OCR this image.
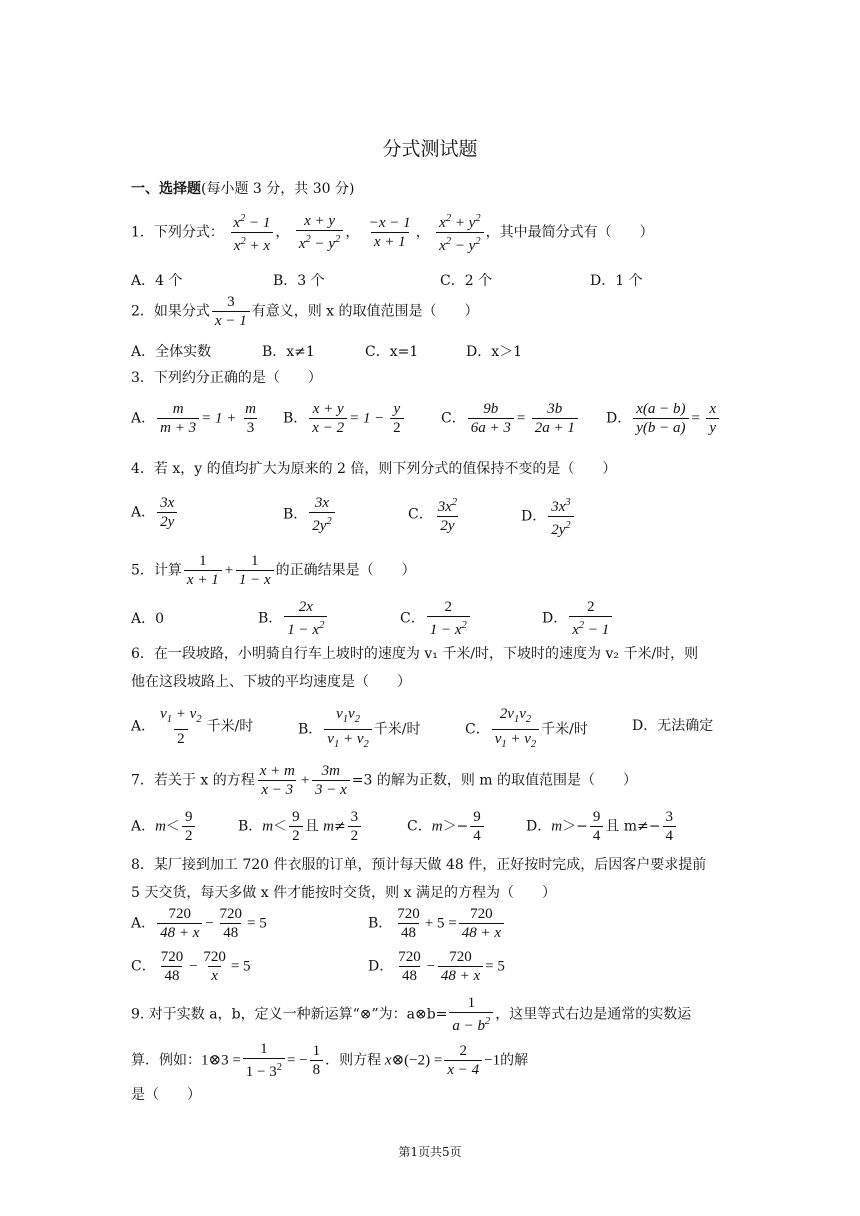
分式测试题
一、选择题(每小题 3 分，共 30 分)
1．下列分式： $\frac{x^2 - 1}{x^2 + x}$ ， $\frac{x + y}{x^2 - y^2}$ ， $\frac{-x - 1}{x + 1}$ ， $\frac{x^2 + y^2}{x^2 - y^2}$ ，其中最简分式有（　　）
A．4 个	B．3 个	C．2 个	D．1 个
2．如果分式 $\frac{3}{x - 1}$ 有意义，则 x 的取值范围是（　　）
A．全体实数	B．x≠1	C．x=1	D．x＞1
3．下列约分正确的是（　　）
A． $\frac{m}{m + 3} = 1 + \frac{m}{3}$ B． $\frac{x + y}{x - 2} = 1 - \frac{y}{2}$	C． $\frac{9b}{6a + 3} = \frac{3b}{2a + 1}$ D． $\frac{x(a - b)}{y(b - a)} = \frac{x}{y}$
4．若 x，y 的值均扩大为原来的 2 倍，则下列分式的值保持不变的是（　　）
A． $\frac{3x}{2y}$	B． $\frac{3x}{2y^2}$	C． $\frac{3x^2}{2y}$	D． $\frac{3x^3}{2y^2}$
5．计算 $\frac{1}{x + 1} + \frac{1}{1 - x}$ 的正确结果是（　　）
A．0	B． $\frac{2x}{1 - x^2}$	C． $\frac{2}{1 - x^2}$	D． $\frac{2}{x^2 - 1}$
6．在一段坡路，小明骑自行车上坡时的速度为 v₁ 千米/时，下坡时的速度为 v₂ 千米/时，则
他在这段坡路上、下坡的平均速度是（　　）
A． $\frac{v_1 + v_2}{2}$ 千米/时	B． $\frac{v_1v_2}{v_1 + v_2}$ 千米/时	C． $\frac{2v_1v_2}{v_1 + v_2}$ 千米/时	D．无法确定
7．若关于 x 的方程 $\frac{x + m}{x - 3} + \frac{3m}{3 - x} =3$ 的解为正数，则 m 的取值范围是（　　）
A．$m< \frac{9}{2}$	B．$m< \frac{9}{2}$ 且 $m\ne \frac{3}{2}$	C．$m>- \frac{9}{4}$	D．$m>- \frac{9}{4}$ 且 $m\ne- \frac{3}{4}$
8．某厂接到加工 720 件衣服的订单，预计每天做 48 件，正好按时完成，后因客户要求提前
5 天交货，每天多做 x 件才能按时交货，则 x 满足的方程为（　　）
A． $\frac{720}{48 + x} - \frac{720}{48} = 5$	B． $\frac{720}{48} + 5 = \frac{720}{48 + x}$
C． $\frac{720}{48} - \frac{720}{x} = 5$	D． $\frac{720}{48} - \frac{720}{48 + x} = 5$
9. 对于实数 a，b，定义一种新运算“⊗”为：a⊗b= $\frac{1}{a - b^2}$ ，这里等式右边是通常的实数运
算．例如：1⊗3 = $\frac{1}{1 - 3^2}$ = − $\frac{1}{8}$ ．则方程 x⊗(−2) = $\frac{2}{x - 4} -1$的解
是（　　）
第1页共5页
